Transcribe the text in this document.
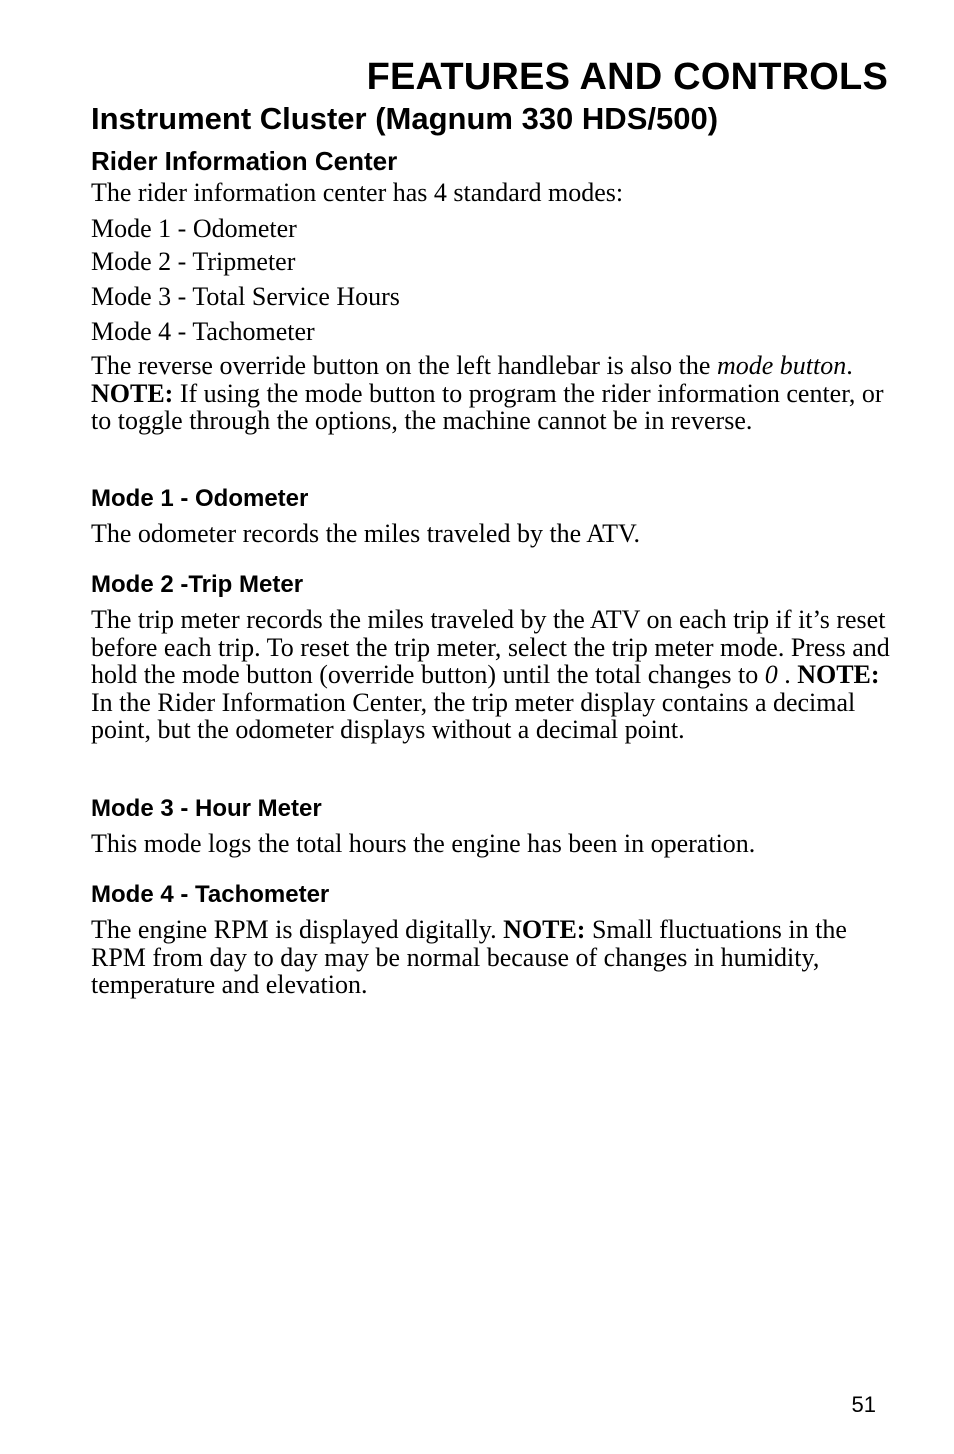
FEATURES AND CONTROLS
Instrument Cluster (Magnum 330 HDS/500)
Rider Information Center
The rider information center has 4 standard modes:
Mode 1 - Odometer
Mode 2 - Tripmeter
Mode 3 - Total Service Hours
Mode 4 - Tachometer
The reverse override button on the left handlebar is also the mode button. NOTE: If using the mode button to program the rider information center, or to toggle through the options, the machine cannot be in reverse.
Mode 1 - Odometer
The odometer records the miles traveled by the ATV.
Mode 2 -Trip Meter
The trip meter records the miles traveled by the ATV on each trip if it’s reset before each trip. To reset the trip meter, select the trip meter mode. Press and hold the mode button (override button) until the total changes to 0 . NOTE: In the Rider Information Center, the trip meter display contains a decimal point, but the odometer displays without a decimal point.
Mode 3 - Hour Meter
This mode logs the total hours the engine has been in operation.
Mode 4 - Tachometer
The engine RPM is displayed digitally. NOTE: Small fluctuations in the RPM from day to day may be normal because of changes in humidity, temperature and elevation.
51
